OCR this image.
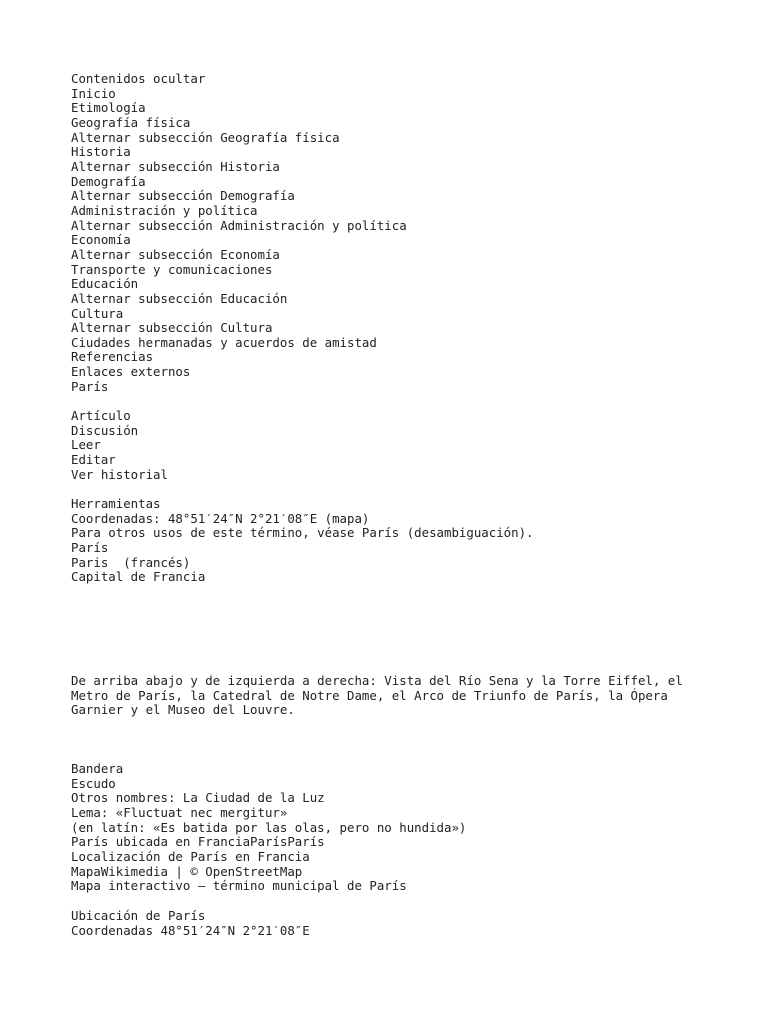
Contenidos ocultar
Inicio
Etimología
Geografía física
Alternar subsección Geografía física
Historia
Alternar subsección Historia
Demografía
Alternar subsección Demografía
Administración y política
Alternar subsección Administración y política
Economía
Alternar subsección Economía
Transporte y comunicaciones
Educación
Alternar subsección Educación
Cultura
Alternar subsección Cultura
Ciudades hermanadas y acuerdos de amistad
Referencias
Enlaces externos
París
Artículo
Discusión
Leer
Editar
Ver historial
Herramientas
Coordenadas: 48°51′24″N 2°21′08″E (mapa)
Para otros usos de este término, véase París (desambiguación).
París
Paris  (francés)
Capital de Francia
De arriba abajo y de izquierda a derecha: Vista del Río Sena y la Torre Eiffel, el Metro de París, la Catedral de Notre Dame, el Arco de Triunfo de París, la Ópera Garnier y el Museo del Louvre.
Bandera
Escudo
Otros nombres: La Ciudad de la Luz
Lema: «Fluctuat nec mergitur»
(en latín: «Es batida por las olas, pero no hundida»)
París ubicada en FranciaParísParís
Localización de París en Francia
MapaWikimedia | © OpenStreetMap
Mapa interactivo — término municipal de París
Ubicación de París
Coordenadas 48°51′24″N 2°21′08″E
